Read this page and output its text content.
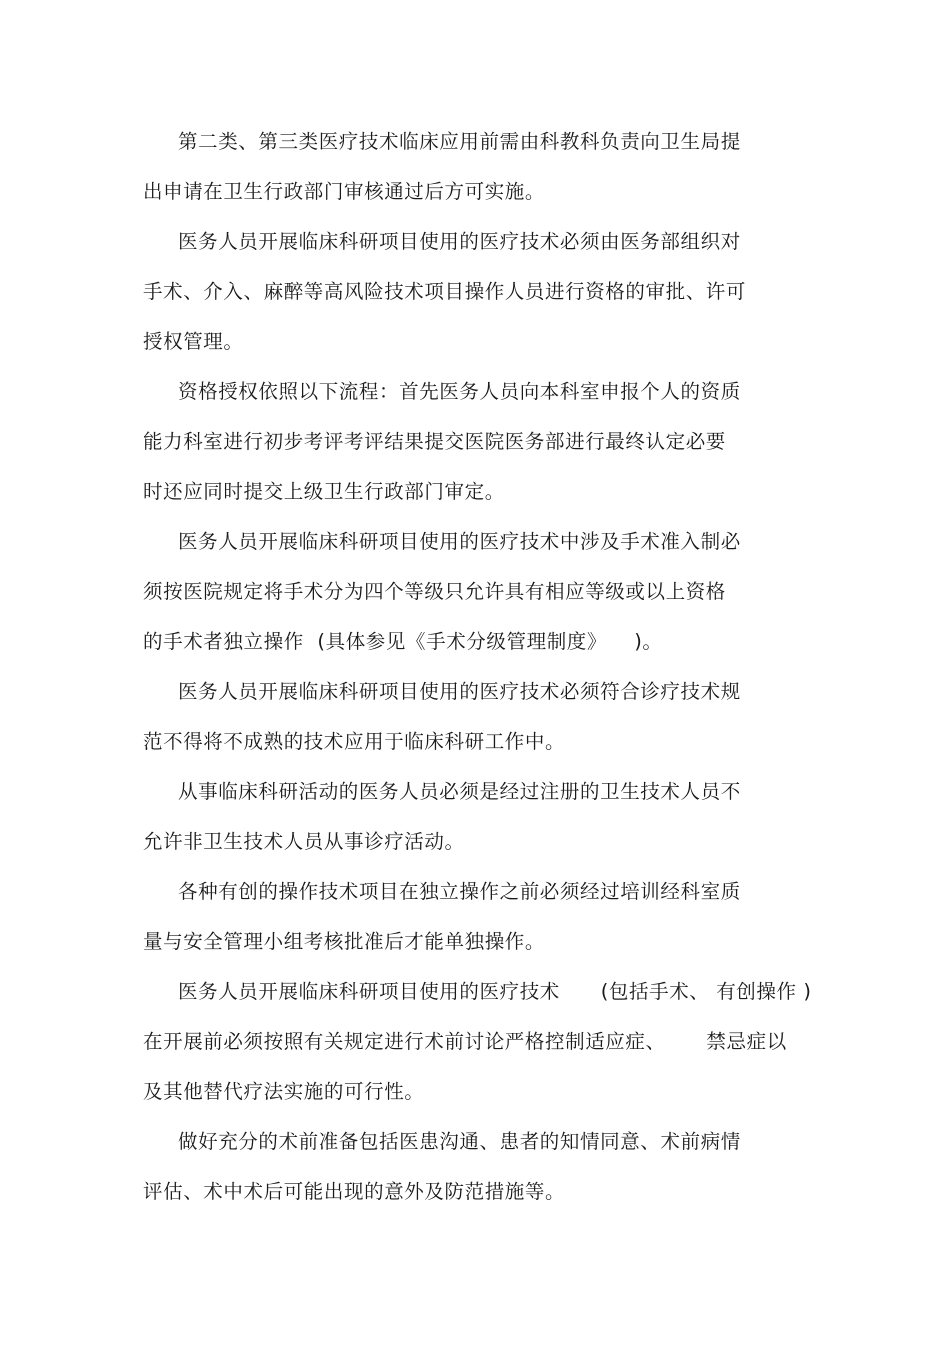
第二类、第三类医疗技术临床应用前需由科教科负责向卫生局提

出申请在卫生行政部门审核通过后方可实施。

医务人员开展临床科研项目使用的医疗技术必须由医务部组织对

手术、介入、麻醉等高风险技术项目操作人员进行资格的审批、许可

授权管理。

资格授权依照以下流程：首先医务人员向本科室申报个人的资质

能力科室进行初步考评考评结果提交医院医务部进行最终认定必要

时还应同时提交上级卫生行政部门审定。

医务人员开展临床科研项目使用的医疗技术中涉及手术准入制必

须按医院规定将手术分为四个等级只允许具有相应等级或以上资格

的手术者独立操作  (具体参见《手术分级管理制度》    )。

医务人员开展临床科研项目使用的医疗技术必须符合诊疗技术规

范不得将不成熟的技术应用于临床科研工作中。

从事临床科研活动的医务人员必须是经过注册的卫生技术人员不

允许非卫生技术人员从事诊疗活动。

各种有创的操作技术项目在独立操作之前必须经过培训经科室质

量与安全管理小组考核批准后才能单独操作。

医务人员开展临床科研项目使用的医疗技术      (包括手术、 有创操作 )

在开展前必须按照有关规定进行术前讨论严格控制适应症、      禁忌症以

及其他替代疗法实施的可行性。

做好充分的术前准备包括医患沟通、患者的知情同意、术前病情

评估、术中术后可能出现的意外及防范措施等。
